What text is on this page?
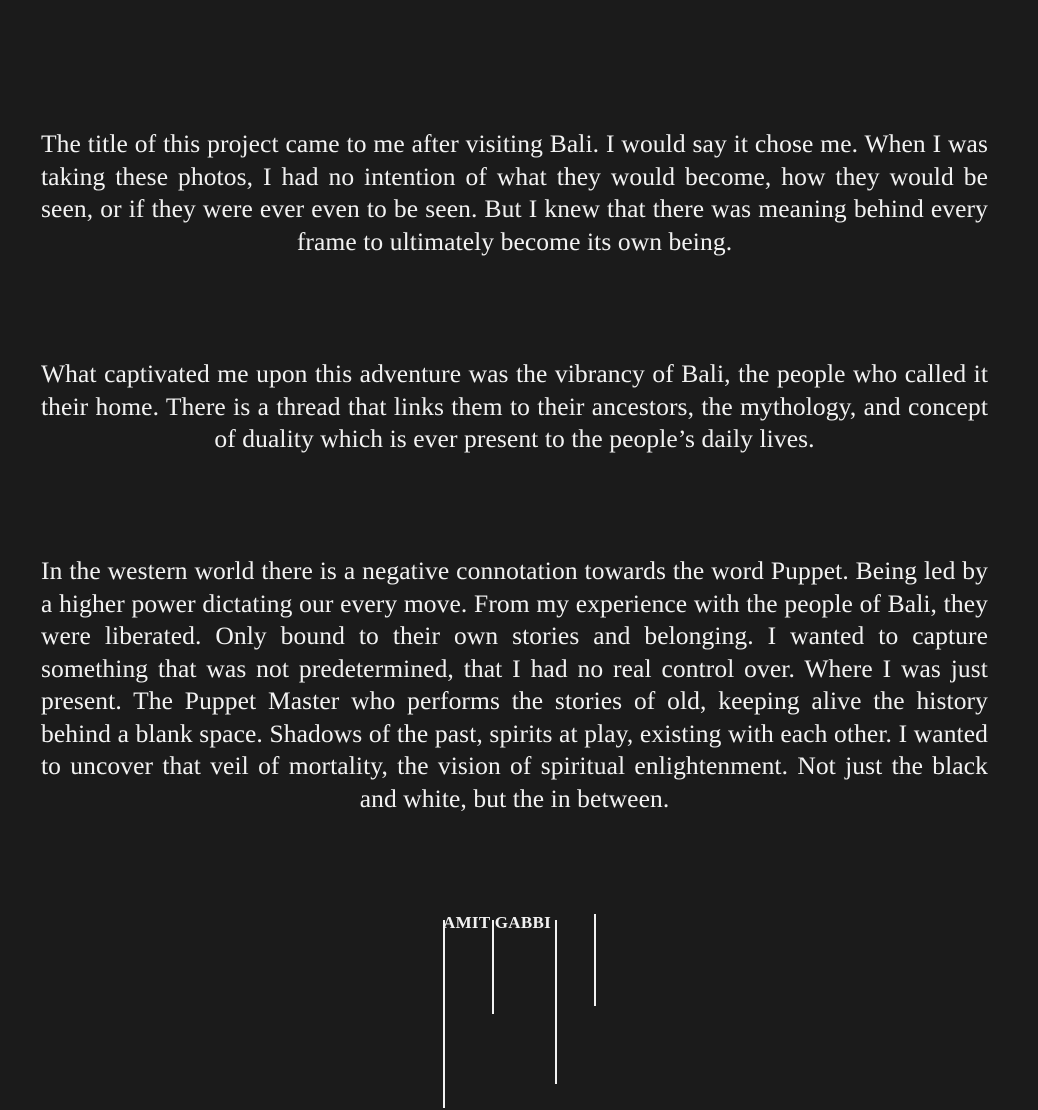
The title of this project came to me after visiting Bali. I would say it chose me. When I was taking these photos, I had no intention of what they would become, how they would be seen, or if they were ever even to be seen. But I knew that there was meaning behind every frame to ultimately become its own being.

What captivated me upon this adventure was the vibrancy of Bali, the people who called it their home. There is a thread that links them to their ancestors, the mythology, and concept of duality which is ever present to the people’s daily lives.

In the western world there is a negative connotation towards the word Puppet. Being led by a higher power dictating our every move. From my experience with the people of Bali, they were liberated. Only bound to their own stories and belonging. I wanted to capture something that was not predetermined, that I had no real control over. Where I was just present. The Puppet Master who performs the stories of old, keeping alive the history behind a blank space. Shadows of the past, spirits at play, existing with each other. I wanted to uncover that veil of mortality, the vision of spiritual enlightenment. Not just the black and white, but the in between.

AMIT GABBI
